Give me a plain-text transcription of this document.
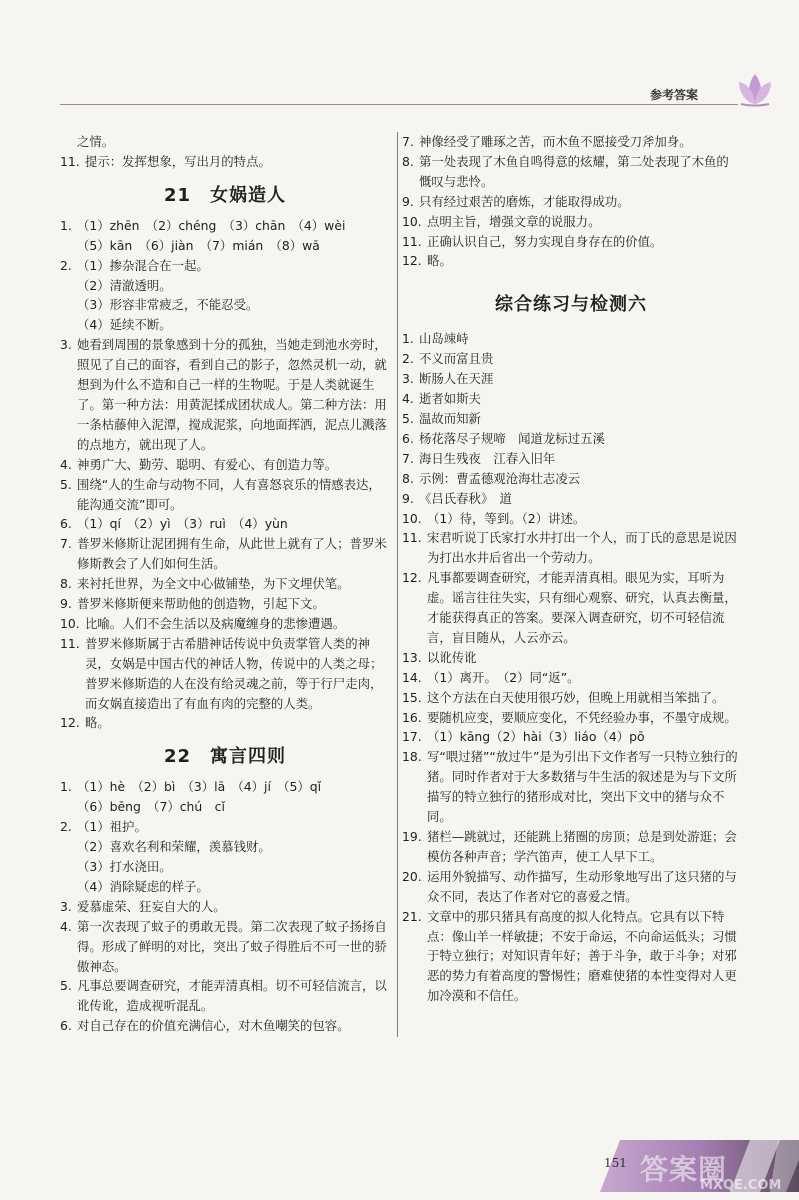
参考答案
之情。
11. 提示：发挥想象，写出月的特点。
21　女娲造人
1. （1）zhēn　（2）chéng　（3）chān　（4）wèi
（5）kān　（6）jiàn　（7）mián　（8）wā
2. （1）掺杂混合在一起。
（2）清澈透明。
（3）形容非常疲乏，不能忍受。
（4）延续不断。
3. 她看到周围的景象感到十分的孤独，当她走到池水旁时，照见了自己的面容，看到自己的影子，忽然灵机一动，就想到为什么不造和自己一样的生物呢。于是人类就诞生了。第一种方法：用黄泥揉成团状成人。第二种方法：用一条枯藤伸入泥潭，搅成泥浆，向地面挥洒，泥点儿溅落的点地方，就出现了人。
4. 神勇广大、勤劳、聪明、有爱心、有创造力等。
5. 围绕“人的生命与动物不同，人有喜怒哀乐的情感表达，能沟通交流”即可。
6. （1）qí　（2）yì　（3）ruì　（4）yùn
7. 普罗米修斯让泥团拥有生命，从此世上就有了人；普罗米修斯教会了人们如何生活。
8. 来衬托世界，为全文中心做铺垫，为下文埋伏笔。
9. 普罗米修斯便来帮助他的创造物，引起下文。
10. 比喻。人们不会生活以及病魔缠身的悲惨遭遇。
11. 普罗米修斯属于古希腊神话传说中负责掌管人类的神灵，女娲是中国古代的神话人物，传说中的人类之母；普罗米修斯造的人在没有给灵魂之前，等于行尸走肉，而女娲直接造出了有血有肉的完整的人类。
12. 略。
22　寓言四则
1. （1）hè　（2）bì　（3）lā　（4）jí　（5）qǐ
（6）bēng　（7）chú　cǐ
2. （1）祖护。
（2）喜欢名利和荣耀，羡慕钱财。
（3）打水浇田。
（4）消除疑虑的样子。
3. 爱慕虚荣、狂妄自大的人。
4. 第一次表现了蚊子的勇敢无畏。第二次表现了蚊子扬扬自得。形成了鲜明的对比，突出了蚊子得胜后不可一世的骄傲神态。
5. 凡事总要调查研究，才能弄清真相。切不可轻信流言，以讹传讹，造成视听混乱。
6. 对自己存在的价值充满信心，对木鱼嘲笑的包容。
7. 神像经受了雕琢之苦，而木鱼不愿接受刀斧加身。
8. 第一处表现了木鱼自鸣得意的炫耀，第二处表现了木鱼的慨叹与悲怜。
9. 只有经过艰苦的磨炼，才能取得成功。
10. 点明主旨，增强文章的说服力。
11. 正确认识自己，努力实现自身存在的价值。
12. 略。
综合练习与检测六
1. 山岛竦峙
2. 不义而富且贵
3. 断肠人在天涯
4. 逝者如斯夫
5. 温故而知新
6. 杨花落尽子规啼　闻道龙标过五溪
7. 海日生残夜　江春入旧年
8. 示例：曹孟德观沧海壮志凌云
9. 《吕氏春秋》　道
10. （1）待，等到。（2）讲述。
11. 宋君听说丁氏家打水井打出一个人，而丁氏的意思是说因为打出水井后省出一个劳动力。
12. 凡事都要调查研究，才能弄清真相。眼见为实，耳听为虚。谣言往往失实，只有细心观察、研究，认真去衡量，才能获得真正的答案。要深入调查研究，切不可轻信流言，盲目随从，人云亦云。
13. 以讹传讹
14. （1）离开。　（2）同“返”。
15. 这个方法在白天使用很巧妙，但晚上用就相当笨拙了。
16. 要随机应变，要顺应变化，不凭经验办事，不墨守成规。
17. （1）kāng（2）hài（3）liáo（4）pō
18. 写“喂过猪”“放过牛”是为引出下文作者写一只特立独行的猪。同时作者对于大多数猪与牛生活的叙述是为与下文所描写的特立独行的猪形成对比，突出下文中的猪与众不同。
19. 猪栏—跳就过，还能跳上猪圈的房顶；总是到处游逛；会模仿各种声音；学汽笛声，使工人早下工。
20. 运用外貌描写、动作描写，生动形象地写出了这只猪的与众不同，表达了作者对它的喜爱之情。
21. 文章中的那只猪具有高度的拟人化特点。它具有以下特点：像山羊一样敏捷；不安于命运，不向命运低头；习惯于特立独行；对知识青年好；善于斗争，敢于斗争；对邪恶的势力有着高度的警惕性；磨难使猪的本性变得对人更加冷漠和不信任。
151 答案圈
MXQE.COM
